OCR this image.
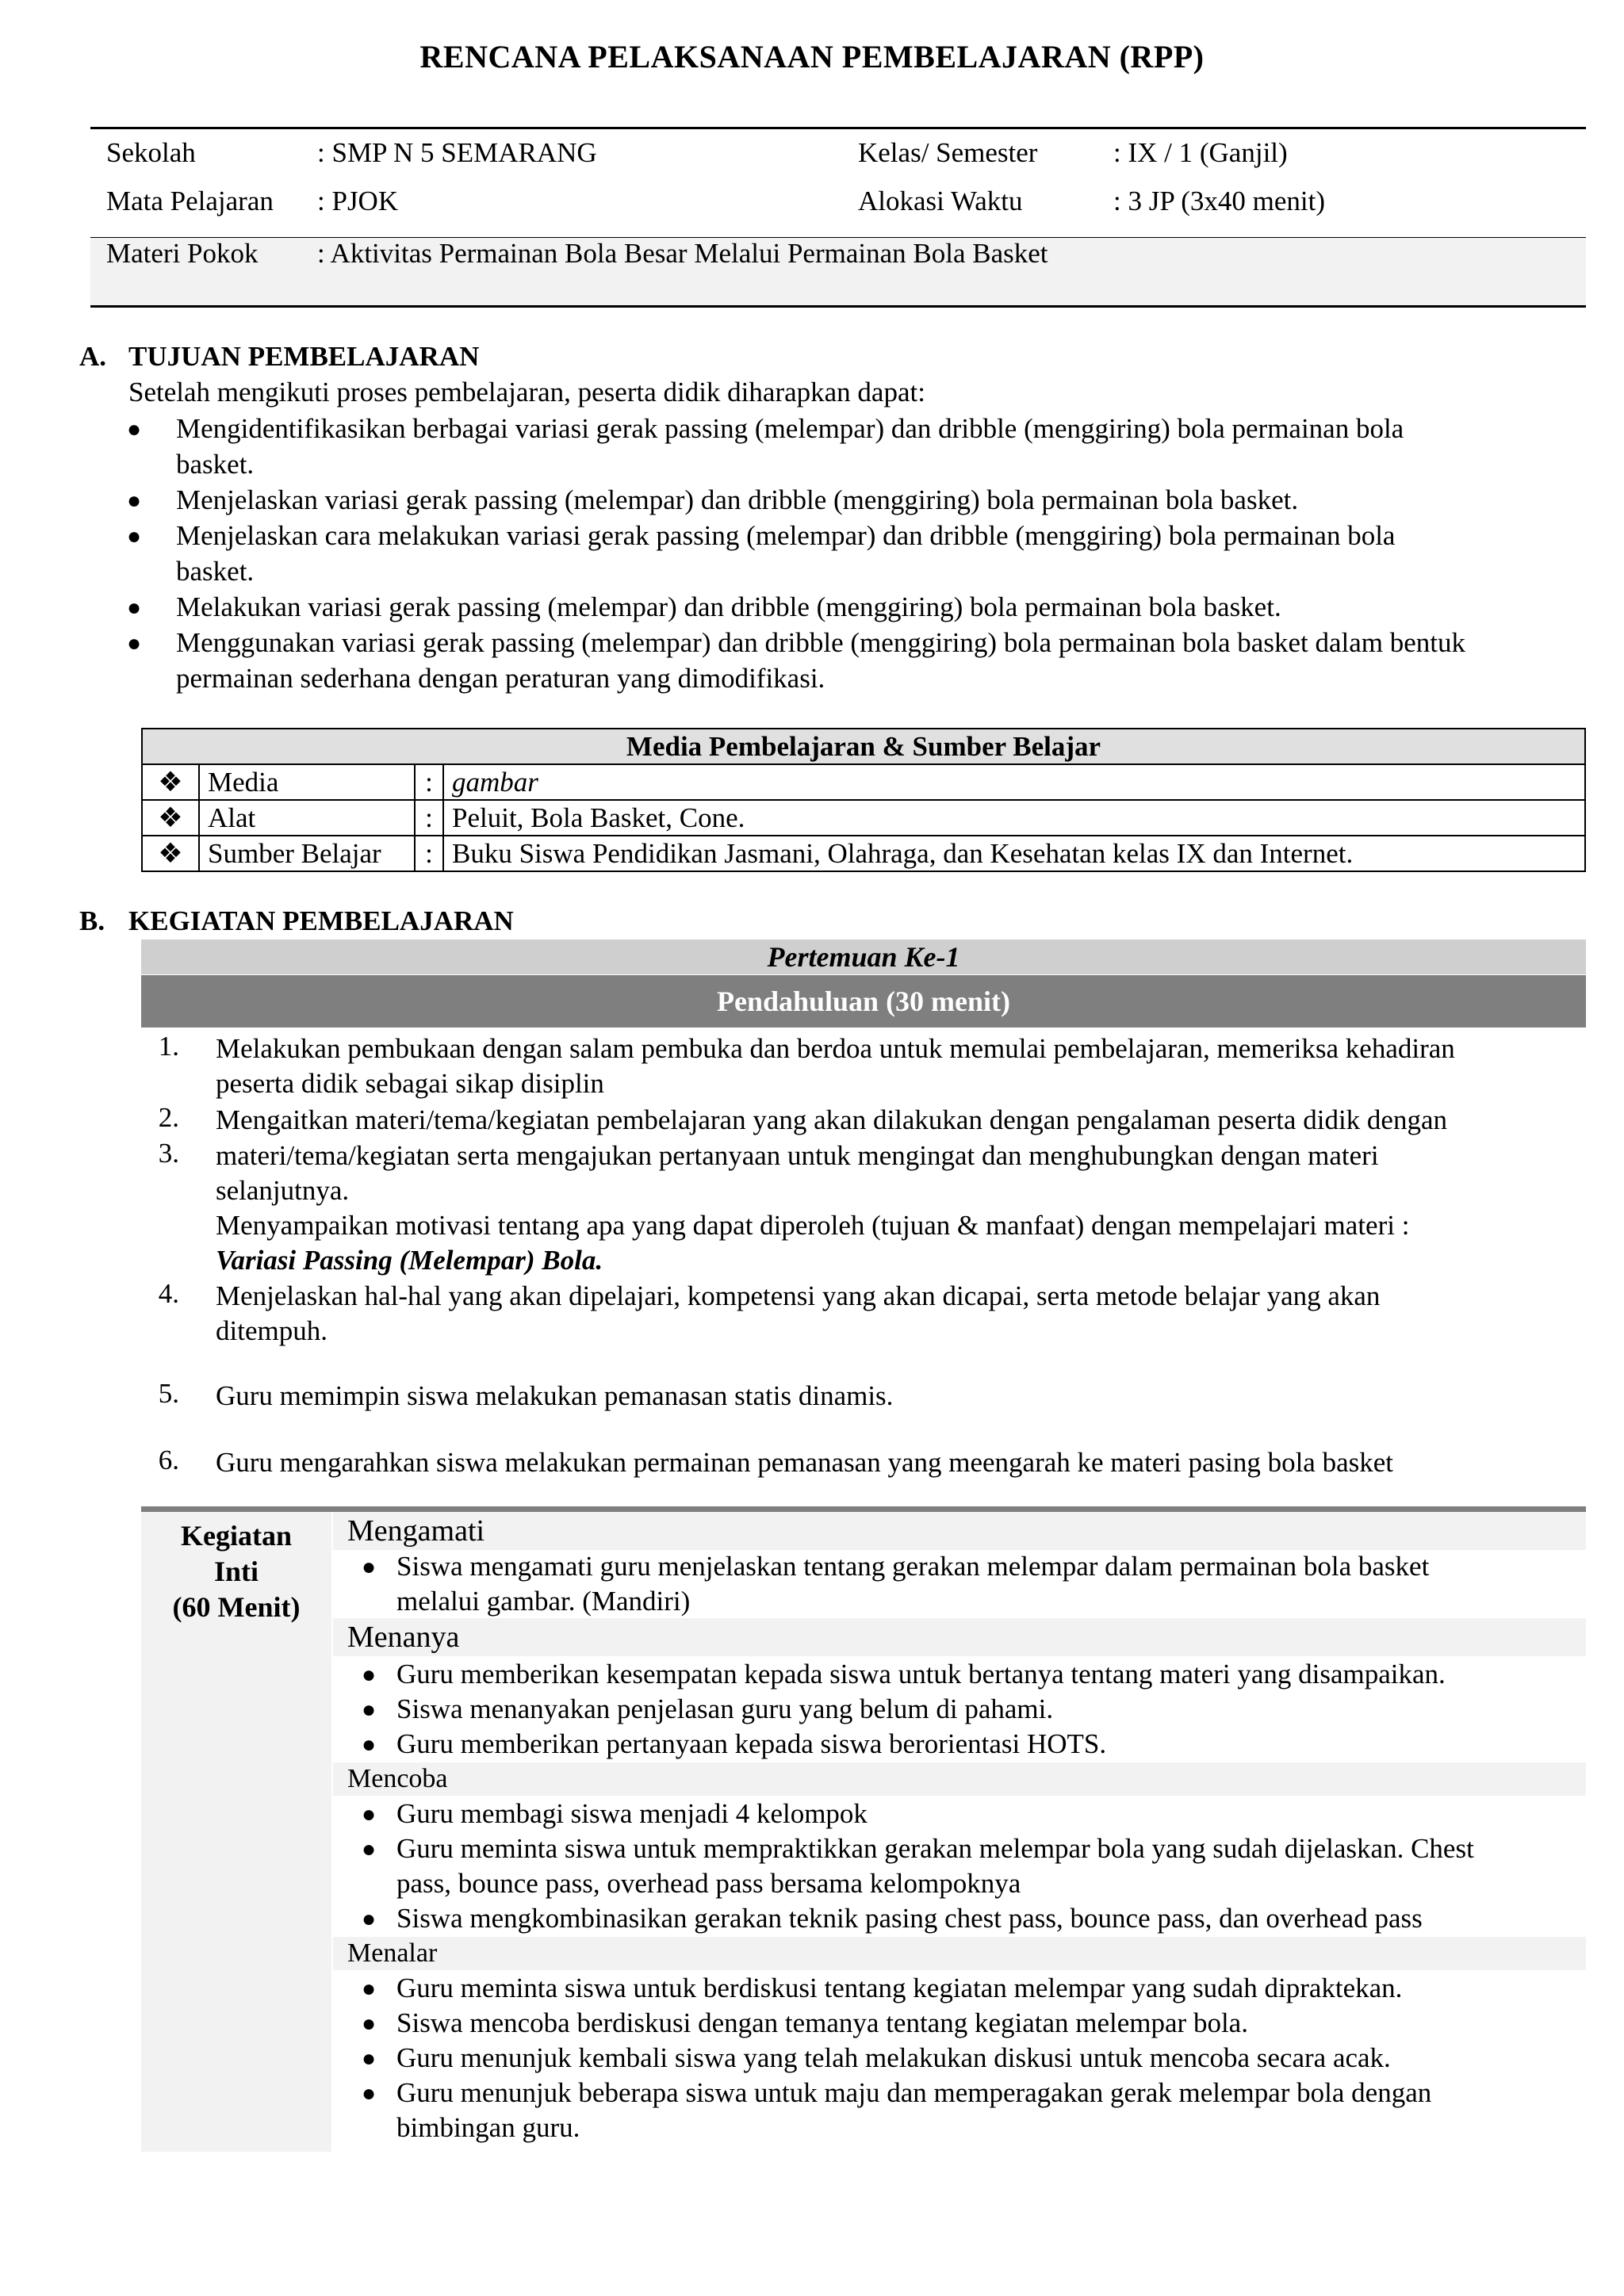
RENCANA PELAKSANAAN PEMBELAJARAN (RPP)
Sekolah	: SMP N 5 SEMARANG	Kelas/ Semester	: IX / 1 (Ganjil)
Mata Pelajaran : PJOK	Alokasi Waktu	: 3 JP (3x40 menit)
Materi Pokok : Aktivitas Permainan Bola Besar Melalui Permainan Bola Basket
A. TUJUAN PEMBELAJARAN
Setelah mengikuti proses pembelajaran, peserta didik diharapkan dapat:
● Mengidentifikasikan berbagai variasi gerak passing (melempar) dan dribble (menggiring) bola permainan bola
basket.
● Menjelaskan variasi gerak passing (melempar) dan dribble (menggiring) bola permainan bola basket.
● Menjelaskan cara melakukan variasi gerak passing (melempar) dan dribble (menggiring) bola permainan bola
basket.
● Melakukan variasi gerak passing (melempar) dan dribble (menggiring) bola permainan bola basket.
● Menggunakan variasi gerak passing (melempar) dan dribble (menggiring) bola permainan bola basket dalam bentuk
permainan sederhana dengan peraturan yang dimodifikasi.
Media Pembelajaran & Sumber Belajar			
❖	Media	:	gambar
❖	Alat	:	Peluit, Bola Basket, Cone.
❖	Sumber Belajar	:	Buku Siswa Pendidikan Jasmani, Olahraga, dan Kesehatan kelas IX dan Internet.
B. KEGIATAN PEMBELAJARAN
Pertemuan Ke-1
Pendahuluan (30 menit)
1. Melakukan pembukaan dengan salam pembuka dan berdoa untuk memulai pembelajaran, memeriksa kehadiran
peserta didik sebagai sikap disiplin
2. Mengaitkan materi/tema/kegiatan pembelajaran yang akan dilakukan dengan pengalaman peserta didik dengan
3. materi/tema/kegiatan serta mengajukan pertanyaan untuk mengingat dan menghubungkan dengan materi
selanjutnya.
Menyampaikan motivasi tentang apa yang dapat diperoleh (tujuan & manfaat) dengan mempelajari materi :
Variasi Passing (Melempar) Bola.
4. Menjelaskan hal-hal yang akan dipelajari, kompetensi yang akan dicapai, serta metode belajar yang akan
ditempuh.
5. Guru memimpin siswa melakukan pemanasan statis dinamis.
6. Guru mengarahkan siswa melakukan permainan pemanasan yang meengarah ke materi pasing bola basket
Kegiatan
Inti
(60 Menit)
Mengamati
● Siswa mengamati guru menjelaskan tentang gerakan melempar dalam permainan bola basket
melalui gambar. (Mandiri)
Menanya
● Guru memberikan kesempatan kepada siswa untuk bertanya tentang materi yang disampaikan.
● Siswa menanyakan penjelasan guru yang belum di pahami.
● Guru memberikan pertanyaan kepada siswa berorientasi HOTS.
Mencoba
● Guru membagi siswa menjadi 4 kelompok
● Guru meminta siswa untuk mempraktikkan gerakan melempar bola yang sudah dijelaskan. Chest
pass, bounce pass, overhead pass bersama kelompoknya
● Siswa mengkombinasikan gerakan teknik pasing chest pass, bounce pass, dan overhead pass
Menalar
● Guru meminta siswa untuk berdiskusi tentang kegiatan melempar yang sudah dipraktekan.
● Siswa mencoba berdiskusi dengan temanya tentang kegiatan melempar bola.
● Guru menunjuk kembali siswa yang telah melakukan diskusi untuk mencoba secara acak.
● Guru menunjuk beberapa siswa untuk maju dan memperagakan gerak melempar bola dengan
bimbingan guru.
